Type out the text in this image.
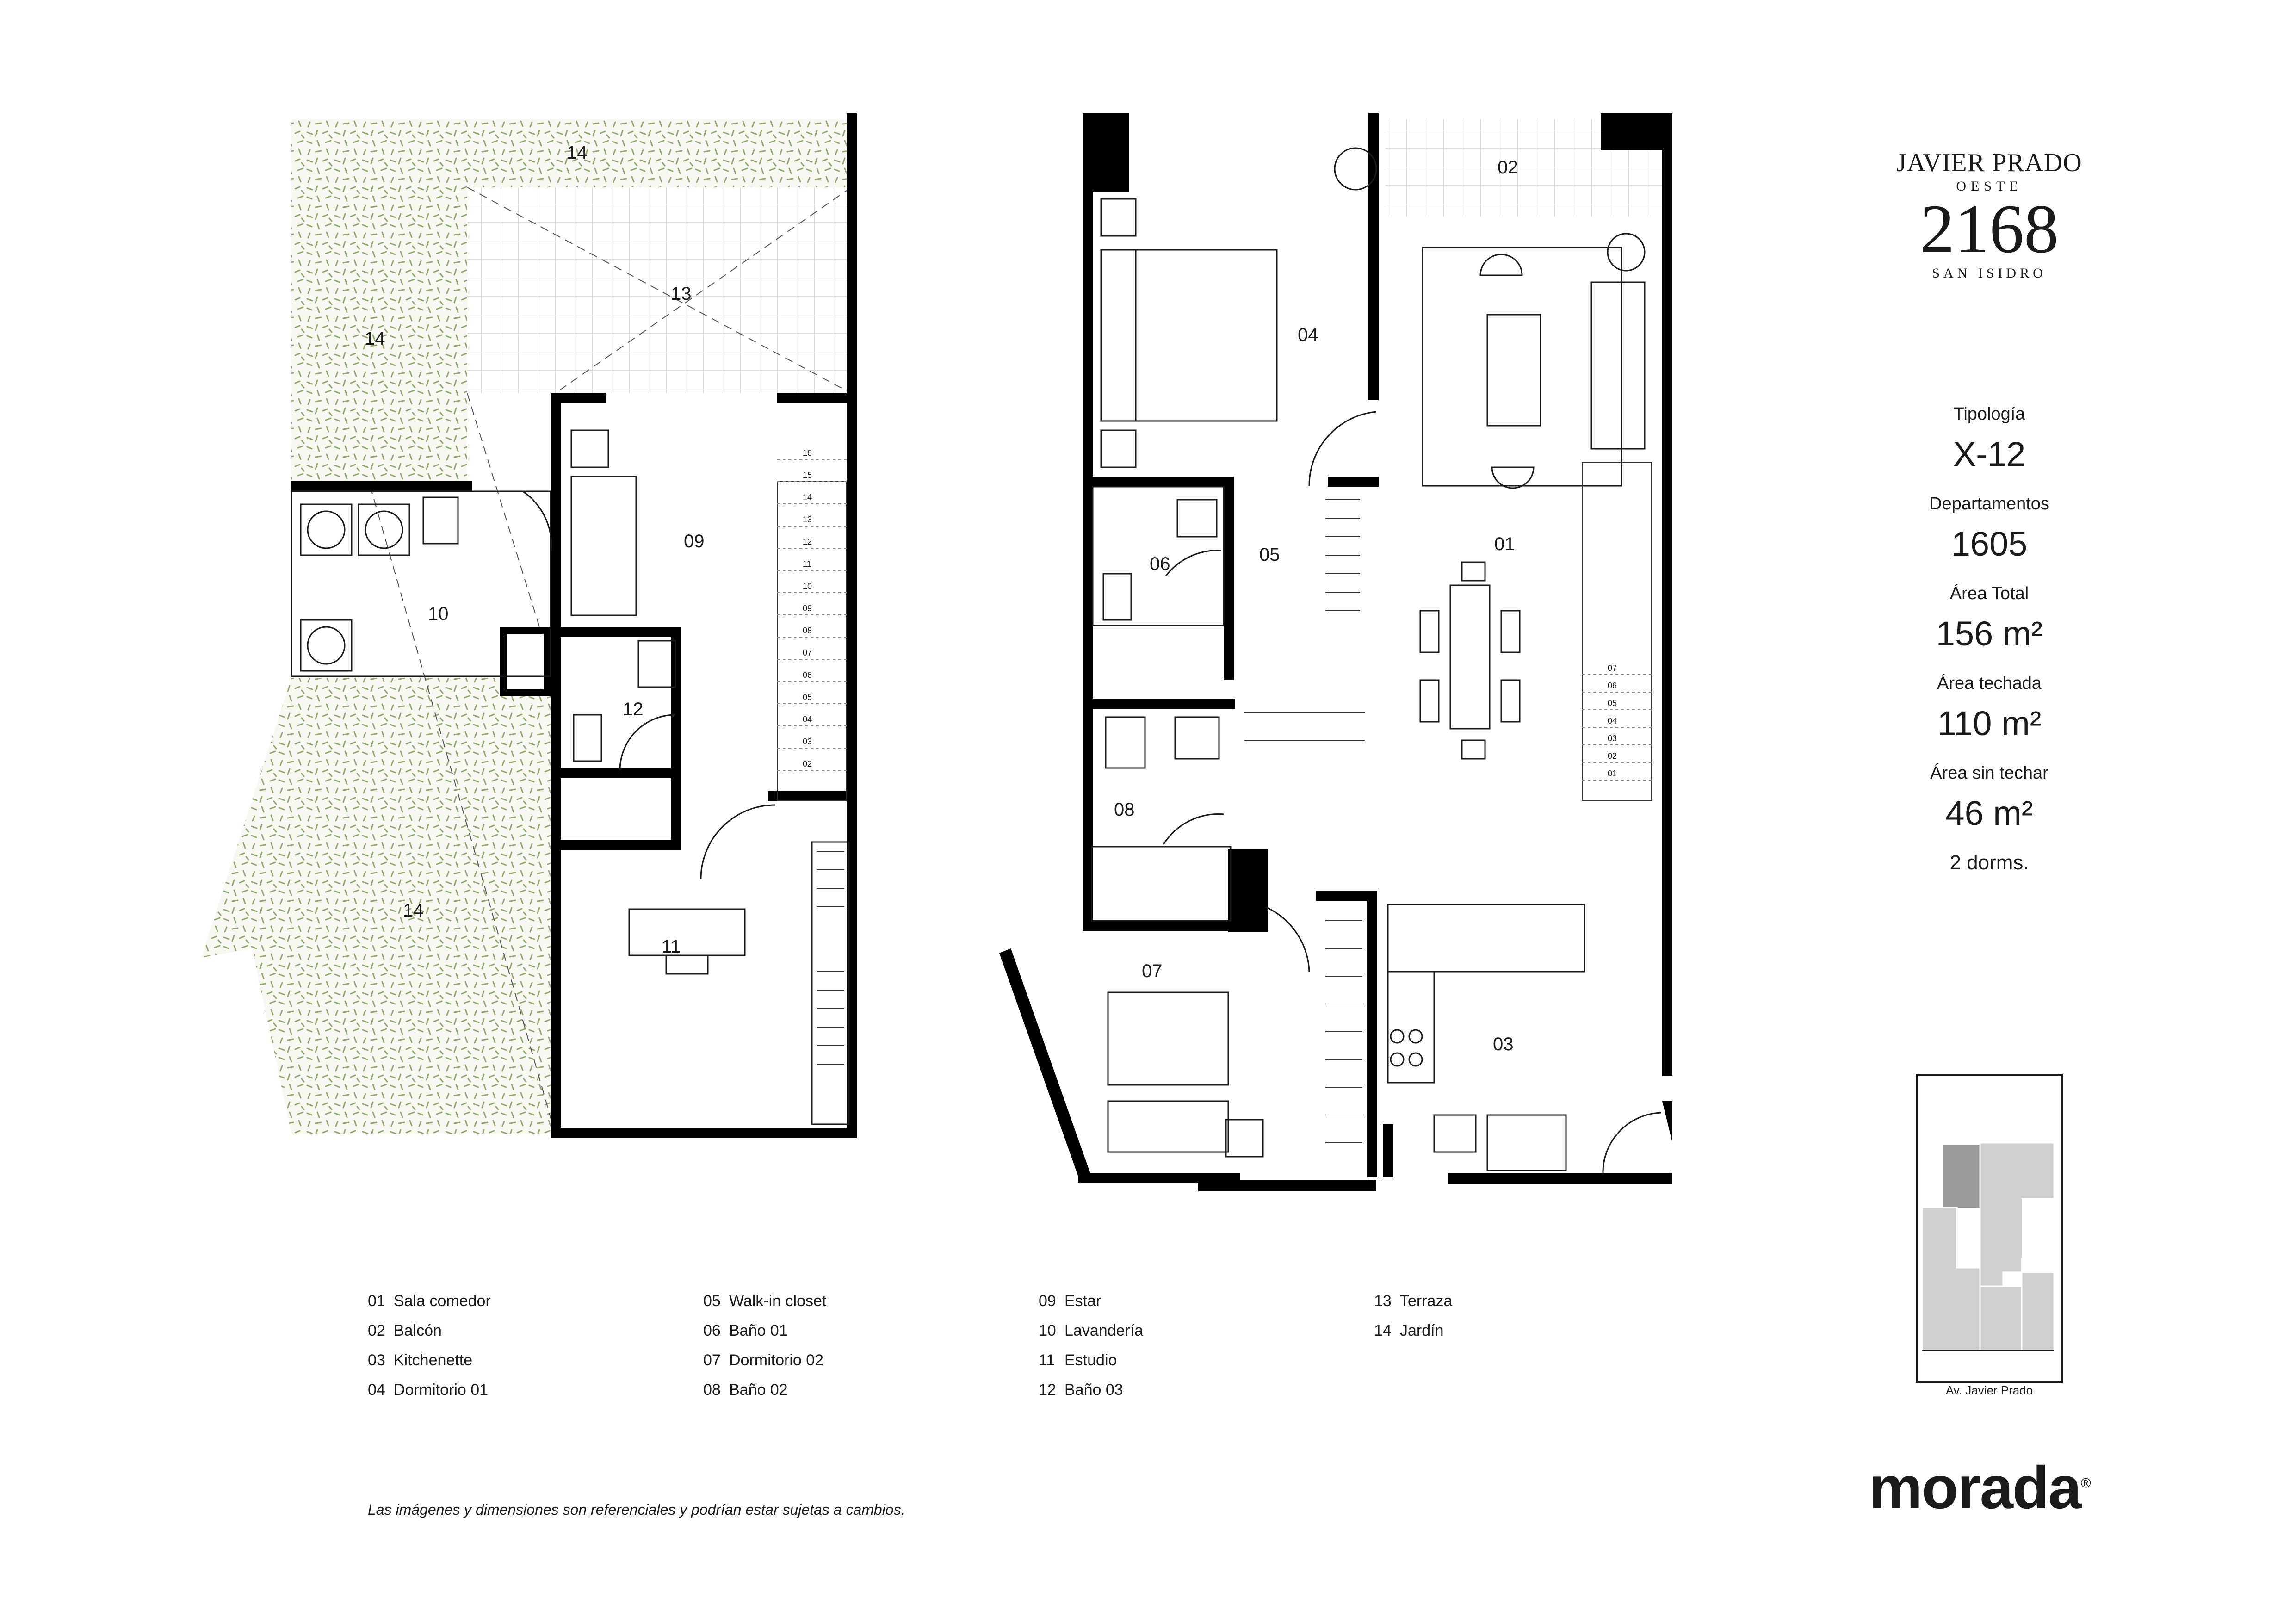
16
15
14
13
12
11
10
09
08
07
06
05
04
03
02
14
14
14
13
10
09
12
11
07
06
05
04
03
02
01
02
04
01
05
06
08
07
03
JAVIER PRADO
OESTE
2168
SAN ISIDRO
Tipología
X-12
Departamentos
1605
Área Total
156 m²
Área techada
110 m²
Área sin techar
46 m²
2 dorms.
Av. Javier Prado
01 Sala comedor
02 Balcón
03 Kitchenette
04 Dormitorio 01
05 Walk-in closet
06 Baño 01
07 Dormitorio 02
08 Baño 02
09 Estar
10 Lavandería
11 Estudio
12 Baño 03
13 Terraza
14 Jardín
Las imágenes y dimensiones son referenciales y podrían estar sujetas a cambios.	morada®
